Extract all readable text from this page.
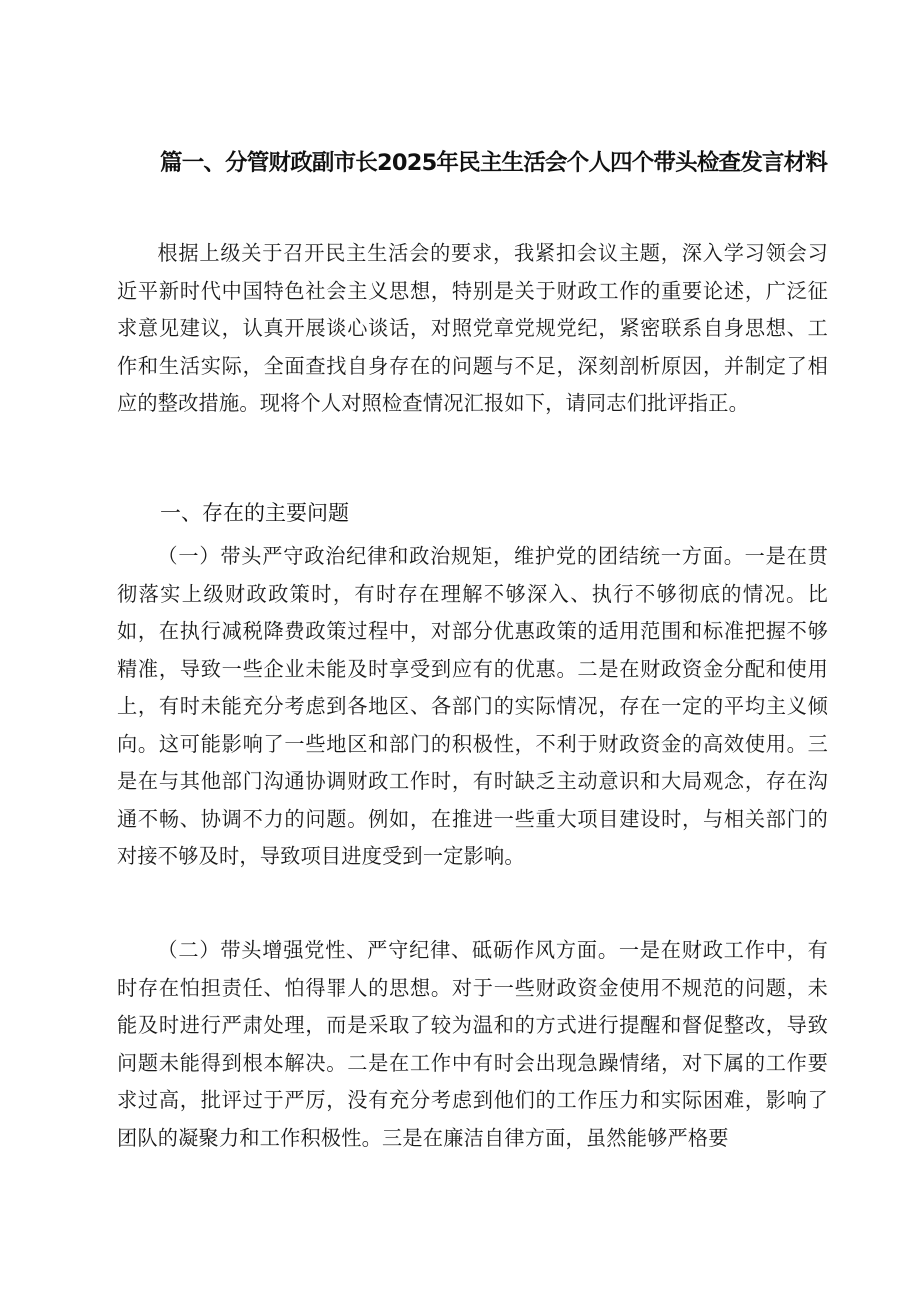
篇一、分管财政副市长2025年民主生活会个人四个带头检查发言材料

根据上级关于召开民主生活会的要求，我紧扣会议主题，深入学习领会习近平新时代中国特色社会主义思想，特别是关于财政工作的重要论述，广泛征求意见建议，认真开展谈心谈话，对照党章党规党纪，紧密联系自身思想、工作和生活实际，全面查找自身存在的问题与不足，深刻剖析原因，并制定了相应的整改措施。现将个人对照检查情况汇报如下，请同志们批评指正。

一、存在的主要问题

（一）带头严守政治纪律和政治规矩，维护党的团结统一方面。一是在贯彻落实上级财政政策时，有时存在理解不够深入、执行不够彻底的情况。比如，在执行减税降费政策过程中，对部分优惠政策的适用范围和标准把握不够精准，导致一些企业未能及时享受到应有的优惠。二是在财政资金分配和使用上，有时未能充分考虑到各地区、各部门的实际情况，存在一定的平均主义倾向。这可能影响了一些地区和部门的积极性，不利于财政资金的高效使用。三是在与其他部门沟通协调财政工作时，有时缺乏主动意识和大局观念，存在沟通不畅、协调不力的问题。例如，在推进一些重大项目建设时，与相关部门的对接不够及时，导致项目进度受到一定影响。

（二）带头增强党性、严守纪律、砥砺作风方面。一是在财政工作中，有时存在怕担责任、怕得罪人的思想。对于一些财政资金使用不规范的问题，未能及时进行严肃处理，而是采取了较为温和的方式进行提醒和督促整改，导致问题未能得到根本解决。二是在工作中有时会出现急躁情绪，对下属的工作要求过高，批评过于严厉，没有充分考虑到他们的工作压力和实际困难，影响了团队的凝聚力和工作积极性。三是在廉洁自律方面，虽然能够严格要
